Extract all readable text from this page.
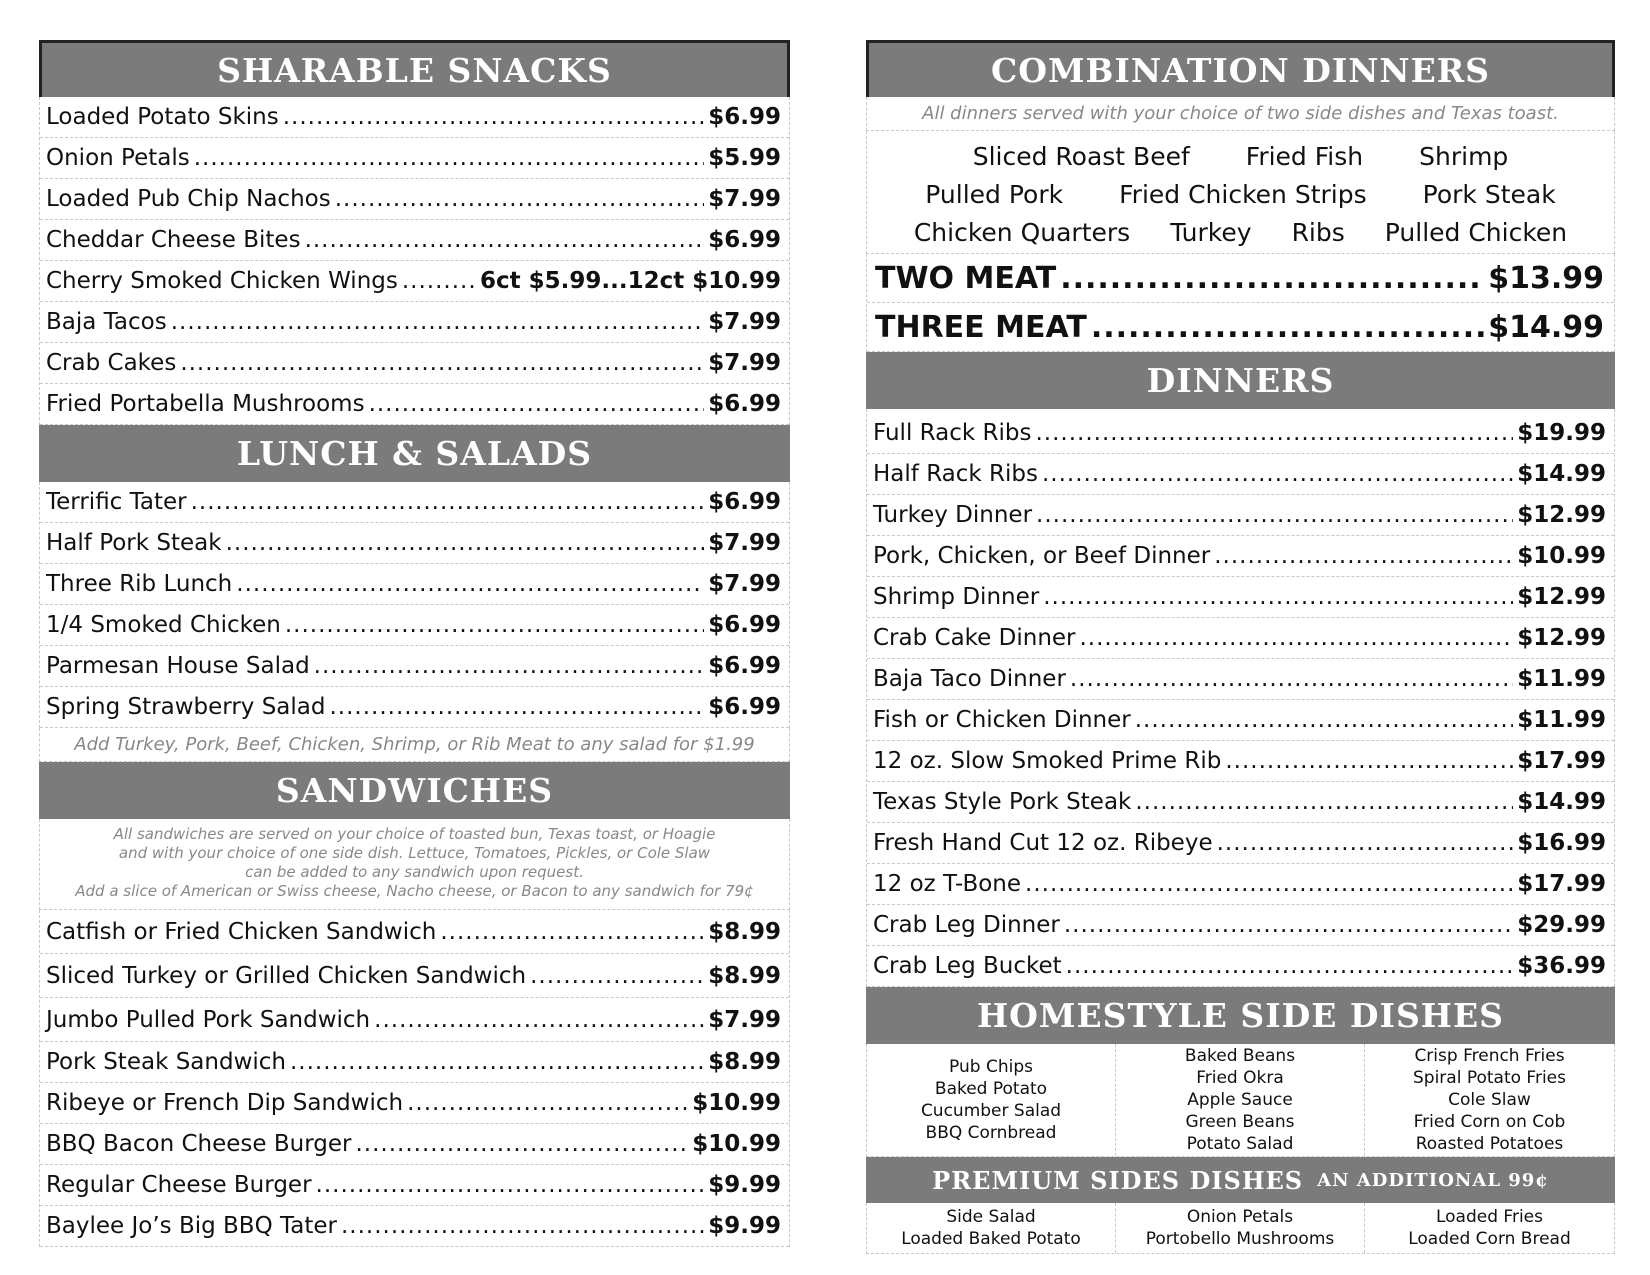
SHARABLE SNACKS
Loaded Potato Skins .....	$6.99
Onion Petals .....	$5.99
Loaded Pub Chip Nachos .....	$7.99
Cheddar Cheese Bites .....	$6.99
Cherry Smoked Chicken Wings .....	6ct $5.99...12ct $10.99
Baja Tacos .....	$7.99
Crab Cakes .....	$7.99
Fried Portabella Mushrooms .....	$6.99
LUNCH & SALADS
Terrific Tater .....	$6.99
Half Pork Steak .....	$7.99
Three Rib Lunch .....	$7.99
1/4 Smoked Chicken .....	$6.99
Parmesan House Salad .....	$6.99
Spring Strawberry Salad .....	$6.99
Add Turkey, Pork, Beef, Chicken, Shrimp, or Rib Meat to any salad for $1.99
SANDWICHES
All sandwiches are served on your choice of toasted bun, Texas toast, or Hoagie
and with your choice of one side dish. Lettuce, Tomatoes, Pickles, or Cole Slaw
can be added to any sandwich upon request.
Add a slice of American or Swiss cheese, Nacho cheese, or Bacon to any sandwich for 79¢
Catfish or Fried Chicken Sandwich .....	$8.99
Sliced Turkey or Grilled Chicken Sandwich .....	$8.99
Jumbo Pulled Pork Sandwich .....	$7.99
Pork Steak Sandwich .....	$8.99
Ribeye or French Dip Sandwich .....	$10.99
BBQ Bacon Cheese Burger .....	$10.99
Regular Cheese Burger .....	$9.99
Baylee Jo’s Big BBQ Tater .....	$9.99
COMBINATION DINNERS
All dinners served with your choice of two side dishes and Texas toast.
Sliced Roast Beef Fried Fish Shrimp
Pulled Pork Fried Chicken Strips Pork Steak
Chicken Quarters Turkey Ribs Pulled Chicken
TWO MEAT .....	$13.99
THREE MEAT .....	$14.99
DINNERS
Full Rack Ribs .....	$19.99
Half Rack Ribs .....	$14.99
Turkey Dinner .....	$12.99
Pork, Chicken, or Beef Dinner .....	$10.99
Shrimp Dinner .....	$12.99
Crab Cake Dinner .....	$12.99
Baja Taco Dinner .....	$11.99
Fish or Chicken Dinner .....	$11.99
12 oz. Slow Smoked Prime Rib .....	$17.99
Texas Style Pork Steak .....	$14.99
Fresh Hand Cut 12 oz. Ribeye .....	$16.99
12 oz T-Bone .....	$17.99
Crab Leg Dinner .....	$29.99
Crab Leg Bucket .....	$36.99
HOMESTYLE SIDE DISHES
Pub Chips
Baked Potato
Cucumber Salad
BBQ Cornbread
Baked Beans
Fried Okra
Apple Sauce
Green Beans
Potato Salad
Crisp French Fries
Spiral Potato Fries
Cole Slaw
Fried Corn on Cob
Roasted Potatoes
PREMIUM SIDES DISHES AN ADDITIONAL 99¢
Side Salad
Loaded Baked Potato
Onion Petals
Portobello Mushrooms
Loaded Fries
Loaded Corn Bread
